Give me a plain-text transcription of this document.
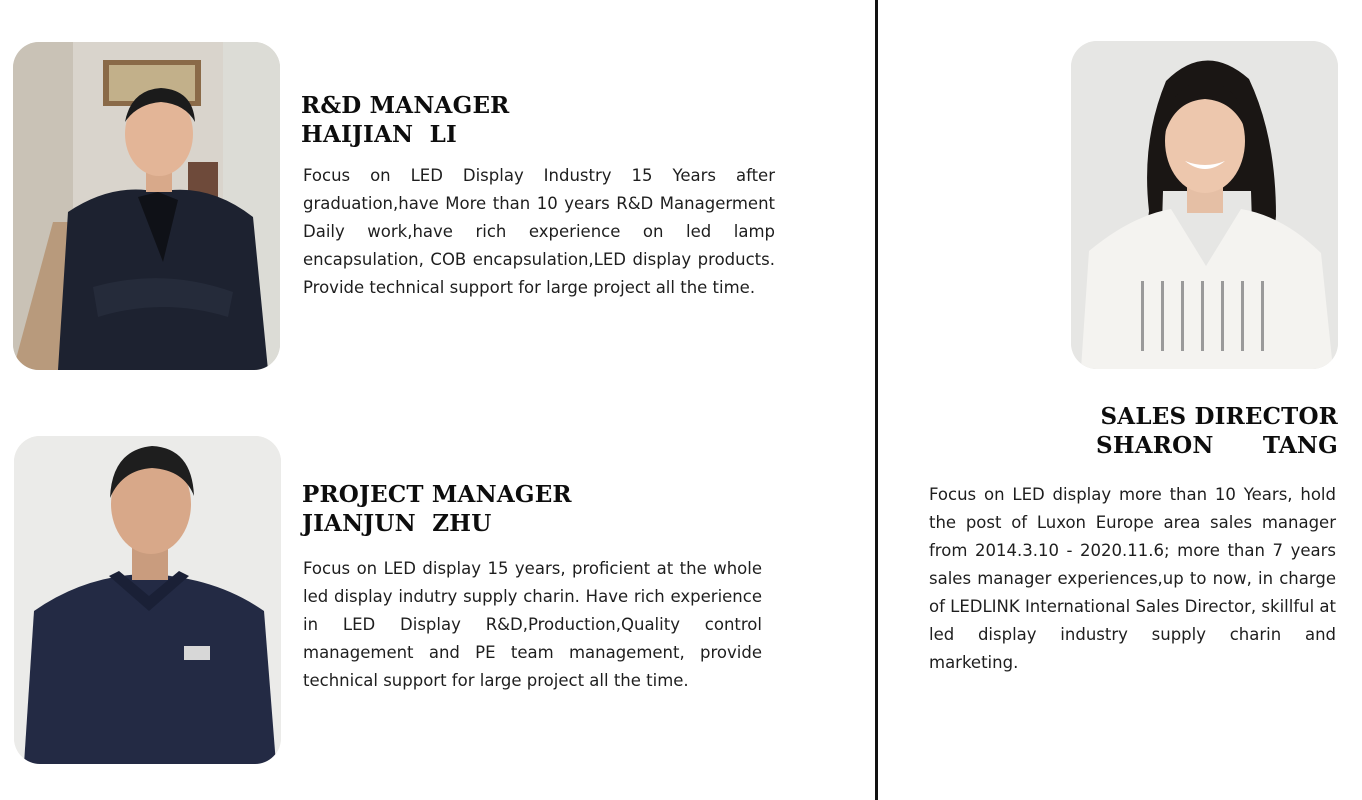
R&D MANAGER
HAIJIAN  LI
Focus on LED Display Industry 15 Years after graduation,have More than 10 years R&D Managerment Daily work,have rich experience on led lamp encapsulation, COB encapsulation,LED display products. Provide technical support for large project all the time.
PROJECT MANAGER
JIANJUN  ZHU
Focus on LED display 15 years, proficient at the whole led display indutry supply charin. Have rich experience in LED Display R&D,Production,Quality control management and PE team management, provide technical support for large project all the time.
SALES DIRECTOR
SHARON      TANG
Focus on LED display more than 10 Years, hold the post of Luxon Europe area sales manager from 2014.3.10 - 2020.11.6; more than 7 years sales manager experiences,up to now, in charge of LEDLINK International Sales Director, skillful at led display industry supply charin and marketing.
